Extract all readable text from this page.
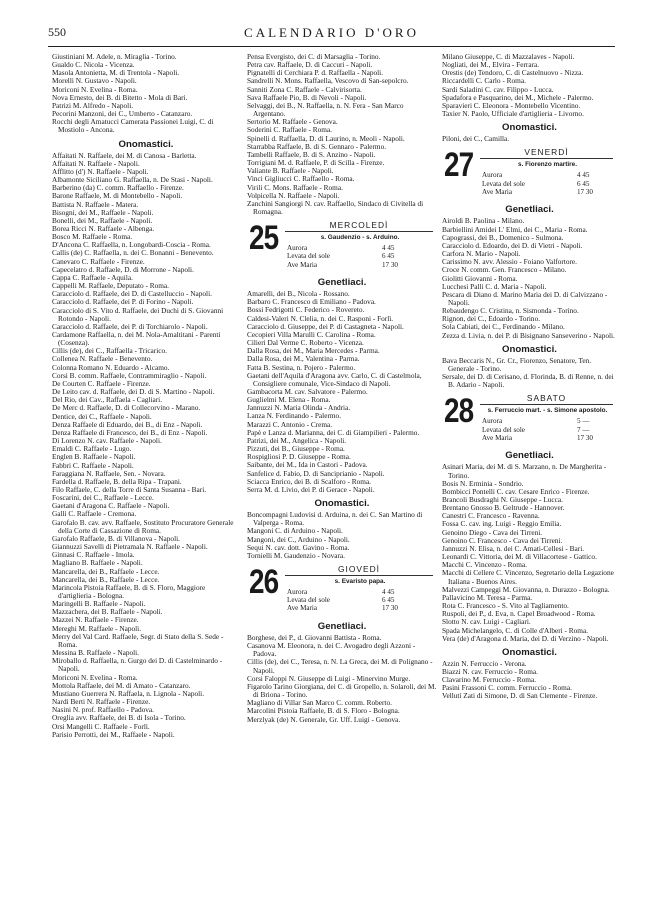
550	CALENDARIO D'ORO
Giustiniani M. Adele, n. Miraglia - Torino.
Gualdo C. Nicola - Vicenza.
Masola Antonietta, M. di Trentola - Napoli.
Morelli N. Gustavo - Napoli.
Moriconi N. Evelina - Roma.
Nova Ernesto, dei B. di Bitetto - Mola di Bari.
Patrizi M. Alfredo - Napoli.
Pecorini Manzoni, dei C., Umberto - Catanzaro.
Rocchi degli Amatucci Camerata Passionei Luigi, C. di Mostiolo - Ancona.
Onomastici.
Affaitati N. Raffaele, dei M. di Canosa - Barletta.
Affaitati N. Raffaele - Napoli.
Afflitto (d') N. Raffaele - Napoli.
Albamonte Siciliano G. Raffaella, n. De Stasi - Napoli.
Barberino (da) C. comm. Raffaello - Firenze.
Barone Raffaele, M. di Montebello - Napoli.
Battista N. Raffaele - Matera.
Bisogni, dei M., Raffaele - Napoli.
Bonelli, dei M., Raffaele - Napoli.
Borea Ricci N. Raffaele - Albenga.
Bosco M. Raffaele - Roma.
D'Ancona C. Raffaella, n. Longobardi-Coscia - Roma.
Callis (de) C. Raffaella, n. dei C. Bonanni - Benevento.
Canevaro C. Raffaele - Firenze.
Capecelatro d. Raffaele, D. di Morrone - Napoli.
Cappa C. Raffaele - Aquila.
Cappelli M. Raffaele, Deputato - Roma.
Caracciolo d. Raffaele, dei D. di Castelluccio - Napoli.
Caracciolo d. Raffaele, dei P. di Forino - Napoli.
Caracciolo di S. Vito d. Raffaele, dei Duchi di S. Giovanni Rotondo - Napoli.
Caracciolo d. Raffaele, dei P. di Torchiarolo - Napoli.
Cardamone Raffaella, n. dei M. Nola-Amaltitani - Parenti (Cosenza).
Cillis (de), dei C., Raffaella - Tricarico.
Collenea N. Raffaele - Benevento.
Colonna Romano N. Eduardo - Alcamo.
Corsi B. comm. Raffaele, Contrammiraglio - Napoli.
De Courten C. Raffaele - Firenze.
De Leito cav. d. Raffaele, dei D. di S. Martino - Napoli.
Del Rio, dei Cav., Raffaela - Cagliari.
De Merc d. Raffaele, D. di Collecorvino - Marano.
Dentice, dei C., Raffaele - Napoli.
Denza Raffaele di Eduardo, dei B., di Enz - Napoli.
Denza Raffaele di Francesco, dei B., di Enz - Napoli.
Di Lorenzo N. cav. Raffaele - Napoli.
Emaldi C. Raffaele - Lugo.
Englen B. Raffaele - Napoli.
Fabbri C. Raffaele - Napoli.
Faraggiana N. Raffaele, Sen. - Novara.
Fardella d. Raffaele, B. della Ripa - Trapani.
Filo Raffaele, C. della Torre di Santa Susanna - Bari.
Foscarini, dei C., Raffaele - Lecce.
Gaetani d'Aragona C. Raffaele - Napoli.
Galli C. Raffaele - Cremona.
Garofalo B. cav. avv. Raffaele, Sostituto Procuratore Generale della Corte di Cassazione di Roma.
Garofalo Raffaele, B. di Villanova - Napoli.
Giannuzzi Savelli di Pietramala N. Raffaele - Napoli.
Ginnasi C. Raffaele - Imola.
Magliano B. Raffaele - Napoli.
Mancarella, dei B., Raffaele - Lecce.
Mancarella, dei B., Raffaele - Lecce.
Marincola Pistoia Raffaele, B. di S. Floro, Maggiore d'artiglieria - Bologna.
Maringelli B. Raffaele - Napoli.
Mazzachera, dei B. Raffaele - Napoli.
Mazzei N. Raffaele - Firenze.
Mereghi M. Raffaele - Napoli.
Merry del Val Card. Raffaele, Segr. di Stato della S. Sede - Roma.
Messina B. Raffaele - Napoli.
Miroballo d. Raffaella, n. Gurgo dei D. di Castelminardo - Napoli.
Moriconi N. Evelina - Roma.
Mottola Raffaele, dei M. di Amato - Catanzaro.
Mustiano Guerrera N. Raffaela, n. Lignola - Napoli.
Nardi Berti N. Raffaele - Firenze.
Nasini N. prof. Raffaello - Padova.
Oreglia avv. Raffaele, dei B. di Isola - Torino.
Orsi Mangelli C. Raffaele - Forlì.
Parisio Perrotti, dei M., Raffaele - Napoli.
Pensa Evergisto, dei C. di Marsaglia - Torino.
Petra cav. Raffaele, D. di Caccuri - Napoli.
Pignatelli di Cerchiara P. d. Raffaella - Napoli.
Sandrelli N. Mons. Raffaella, Vescovo di San-sepolcro.
Sanniti Zona C. Raffaele - Calvirisorta.
Sava Raffaele Pio, B. di Nevoli - Napoli.
Selvaggi, dei B., N. Raffaella, n. N. Fera - San Marco Argentano.
Sertorio M. Raffaele - Genova.
Soderini C. Raffaele - Roma.
Spinelli d. Raffaella, D. di Laurino, n. Meoli - Napoli.
Starrabba Raffaele, B. di S. Gennaro - Palermo.
Tambelli Raffaele, B. di S. Anzino - Napoli.
Torrigiani M. d. Raffaele, P. di Scilla - Firenze.
Valiante B. Raffaele - Napoli.
Vinci Gigliucci C. Raffaello - Roma.
Virili C. Mons. Raffaele - Roma.
Volpicella N. Raffaele - Napoli.
Zanchini Sangiorgi N. cav. Raffaello, Sindaco di Civitella di Romagna.
25	MERCOLEDÌ
s. Gaudenzio - s. Arduino.
Aurora	4 45
Levata del sole	6 45
Ave Maria	17 30
Genetliaci.
Amarelli, dei B., Nicola - Rossano.
Barbaro C. Francesco di Emiliano - Padova.
Bossi Fedrigotti C. Federico - Rovereto.
Caldesi-Valeri N. Clelia, n. dei C. Rasponi - Forlì.
Caracciolo d. Giuseppe, dei P. di Castagneta - Napoli.
Cecopieri Villa Marulli C. Carolina - Roma.
Cilieri Dal Verme C. Roberto - Vicenza.
Dalla Rosa, dei M., Maria Mercedes - Parma.
Dalla Rosa, dei M., Valentina - Parma.
Fatta B. Sestina, n. Pojero - Palermo.
Gaetani dell'Aquila d'Aragona avv. Carlo, C. di Castelmola, Consigliere comunale, Vice-Sindaco di Napoli.
Gambacorta M. cav. Salvatore - Palermo.
Guglielmi M. Elena - Roma.
Jannuzzi N. Maria Olinda - Andria.
Lanza N. Ferdinando - Palermo.
Marazzi C. Antonio - Crema.
Papè e Lanza d. Marianna, dei C. di Giampilieri - Palermo.
Patrizi, dei M., Angelica - Napoli.
Pizzuti, dei B., Giuseppe - Roma.
Rospigliosi P. D. Giuseppe - Roma.
Saibante, dei M., Ida in Castori - Padova.
Sanfelice d. Fabio, D. di Sanciprianio - Napoli.
Sciacca Enrico, dei B. di Scalforo - Roma.
Serra M. d. Livio, dei P. di Gerace - Napoli.
Onomastici.
Boncompagni Ludovisi d. Arduina, n. dei C. San Martino di Valperga - Roma.
Mangoni C. di Arduino - Napoli.
Mangoni, dei C., Arduino - Napoli.
Sequi N. cav. dott. Gavino - Roma.
Tornielli M. Gaudenzio - Novara.
26	GIOVEDÌ
s. Evaristo papa.
Aurora	4 45
Levata del sole	6 45
Ave Maria	17 30
Genetliaci.
Borghese, dei P., d. Giovanni Battista - Roma.
Casanova M. Eleonora, n. dei C. Avogadro degli Azzoni - Padova.
Cillis (de), dei C., Teresa, n. N. La Greca, dei M. di Polignano - Napoli.
Corsi Faloppi N. Giuseppe di Luigi - Minervino Murge.
Figarolo Tarino Giorgiana, dei C. di Gropello, n. Solaroli, dei M. di Briona - Torino.
Magliano di Villar San Marco C. comm. Roberto.
Marcolini Pistoia Raffaele, B. di S. Floro - Bologna.
Merzlyak (de) N. Generale, Gr. Uff. Luigi - Genova.
Milano Giuseppe, C. di Mazzalaves - Napoli.
Nogliati, dei M., Elvira - Ferrara.
Orestis (de) Tendoro, C. di Castelnuovo - Nizza.
Riccardelli C. Carlo - Roma.
Sardi Saladini C. cav. Filippo - Lucca.
Spadafora e Pasquarino, dei M., Michele - Palermo.
Sparavieri C. Eleonora - Montebello Vicentino.
Taxier N. Paolo, Ufficiale d'artiglieria - Livorno.
Onomastici.
Piloni, dei C., Camilla.
27	VENERDÌ
s. Fiorenzo martire.
Aurora	4 45
Levata del sole	6 45
Ave Maria	17 30
Genetliaci.
Airoldi B. Paolina - Milano.
Barbiellini Amidei L' Elmi, dei C., Maria - Roma.
Capograssi, dei B., Domenico - Sulmona.
Caracciolo d. Edoardo, dei D. di Vietri - Napoli.
Carfora N. Mario - Napoli.
Carissimo N. avv. Alessio - Foiano Valfortore.
Croce N. comm. Gen. Francesco - Milano.
Giolitti Giovanni - Roma.
Lucchesi Palli C. d. Maria - Napoli.
Pescara di Diano d. Marino Maria dei D. di Calvizzano - Napoli.
Rebaudengo C. Cristina, n. Sismonda - Torino.
Rignon, dei C., Edoardo - Torino.
Sola Cabiati, dei C., Ferdinando - Milano.
Zezza d. Livia, n. dei P. di Bisignano Sanseverino - Napoli.
Onomastici.
Bava Beccaris N., Gr. Cr., Fiorenzo, Senatore, Ten. Generale - Torino.
Sersale, dei D. di Cerisano, d. Florinda, B. di Renne, n. dei B. Adario - Napoli.
28	SABATO
s. Ferruccio mart. - s. Simone apostolo.
Aurora	5 —
Levata del sole	7 —
Ave Maria	17 30
Genetliaci.
Asinari Maria, dei M. di S. Marzano, n. De Margherita - Torino.
Bosis N. Erminia - Sondrio.
Bombicci Pontelli C. cav. Cesare Enrico - Firenze.
Brancoli Busdraghi N. Giuseppe - Lucca.
Brentano Gnosso B. Geltrude - Hannover.
Canestri C. Francesco - Ravenna.
Fossa C. cav. ing. Luigi - Reggio Emilia.
Genoino Diego - Cava dei Tirreni.
Genoino C. Francesco - Cava dei Tirreni.
Jannuzzi N. Elisa, n. dei C. Amati-Cellesi - Bari.
Leonardi C. Vittoria, dei M. di Villacortese - Gattico.
Macchi C. Vincenzo - Roma.
Macchi di Cellere C. Vincenzo, Segretario della Legazione Italiana - Buenos Aires.
Malvezzi Campeggi M. Giovanna, n. Durazzo - Bologna.
Pallavicino M. Teresa - Parma.
Rota C. Francesco - S. Vito al Tagliamento.
Ruspoli, dei P., d. Eva, n. Capel Broadwood - Roma.
Slotto N. cav. Luigi - Cagliari.
Spada Michelangelo, C. di Colle d'Alberi - Roma.
Vera (de) d'Aragona d. Maria, dei D. di Verzino - Napoli.
Onomastici.
Azzin N. Ferruccio - Verona.
Biazzi N. cav. Ferruccio - Roma.
Clavarino M. Ferruccio - Roma.
Pasini Frassoni C. comm. Ferruccio - Roma.
Vellutí Zati di Simone, D. di San Clemente - Firenze.
